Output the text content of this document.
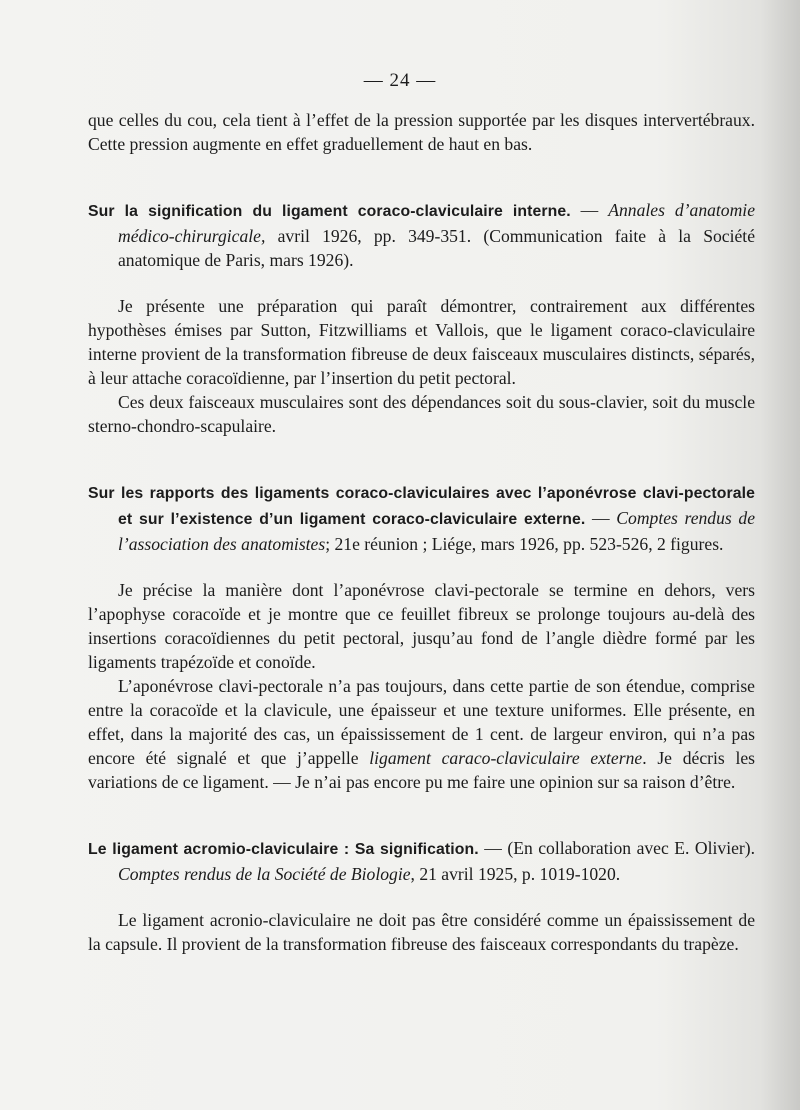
— 24 —

que celles du cou, cela tient à l’effet de la pression supportée par les disques intervertébraux. Cette pression augmente en effet graduellement de haut en bas.

Sur la signification du ligament coraco-claviculaire interne. — Annales d’anatomie médico-chirurgicale, avril 1926, pp. 349-351. (Communication faite à la Société anatomique de Paris, mars 1926).

Je présente une préparation qui paraît démontrer, contrairement aux différentes hypothèses émises par Sutton, Fitzwilliams et Vallois, que le ligament coraco-claviculaire interne provient de la transformation fibreuse de deux faisceaux musculaires distincts, séparés, à leur attache coracoïdienne, par l’insertion du petit pectoral.

Ces deux faisceaux musculaires sont des dépendances soit du sous-clavier, soit du muscle sterno-chondro-scapulaire.

Sur les rapports des ligaments coraco-claviculaires avec l’aponévrose clavi-pectorale et sur l’existence d’un ligament coraco-claviculaire externe. — Comptes rendus de l’association des anatomistes; 21e réunion ; Liége, mars 1926, pp. 523-526, 2 figures.

Je précise la manière dont l’aponévrose clavi-pectorale se termine en dehors, vers l’apophyse coracoïde et je montre que ce feuillet fibreux se prolonge toujours au-delà des insertions coracoïdiennes du petit pectoral, jusqu’au fond de l’angle dièdre formé par les ligaments trapézoïde et conoïde.

L’aponévrose clavi-pectorale n’a pas toujours, dans cette partie de son étendue, comprise entre la coracoïde et la clavicule, une épaisseur et une texture uniformes. Elle présente, en effet, dans la majorité des cas, un épaississement de 1 cent. de largeur environ, qui n’a pas encore été signalé et que j’appelle ligament caraco-claviculaire externe. Je décris les variations de ce ligament. — Je n’ai pas encore pu me faire une opinion sur sa raison d’être.

Le ligament acromio-claviculaire : Sa signification. — (En collaboration avec E. Olivier). Comptes rendus de la Société de Biologie, 21 avril 1925, p. 1019-1020.

Le ligament acronio-claviculaire ne doit pas être considéré comme un épaississement de la capsule. Il provient de la transformation fibreuse des faisceaux correspondants du trapèze.
